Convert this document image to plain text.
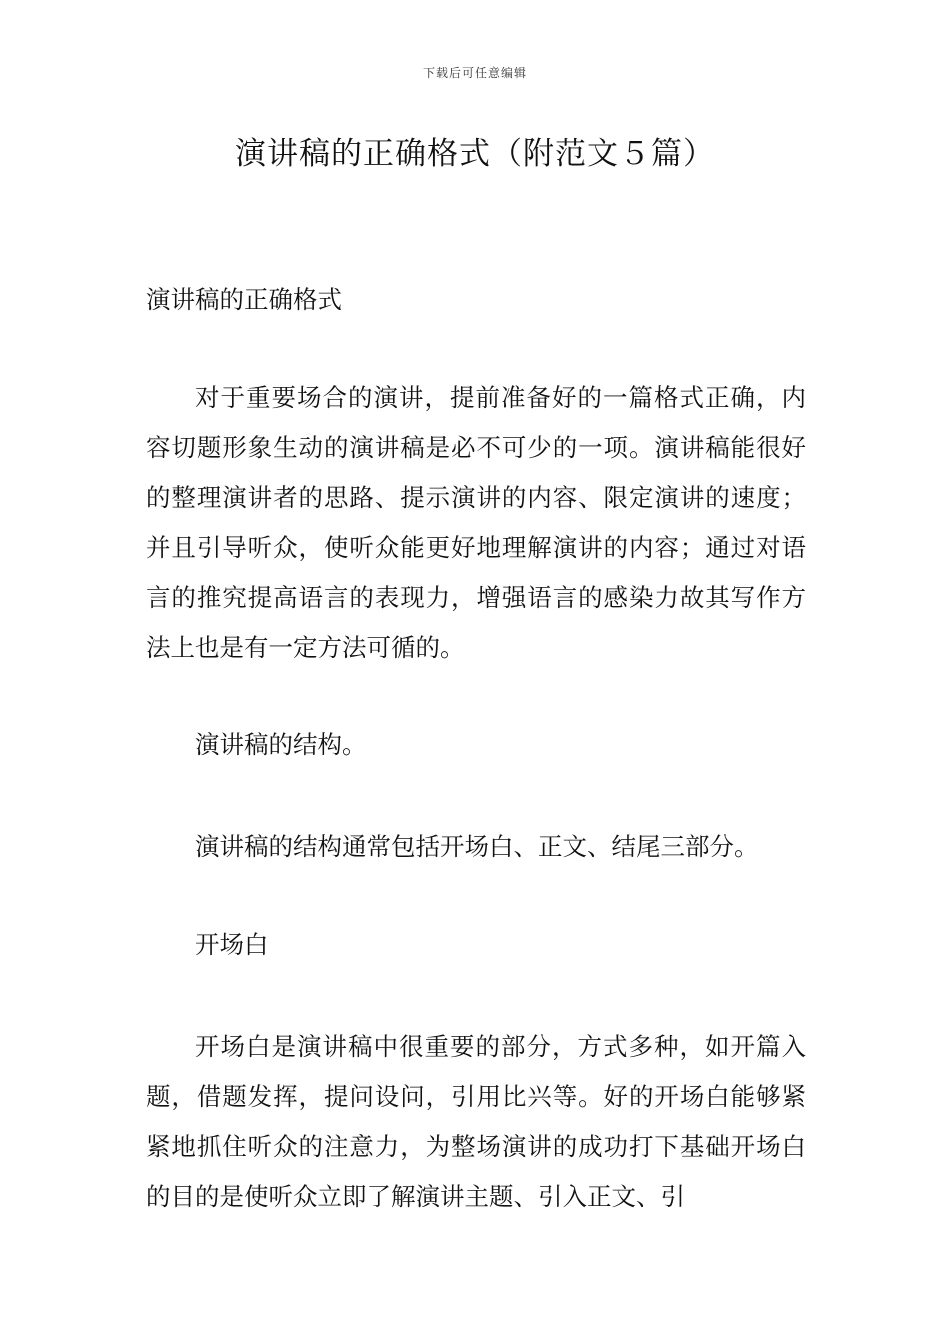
下载后可任意编辑
演讲稿的正确格式（附范文５篇）

演讲稿的正确格式

对于重要场合的演讲，提前准备好的一篇格式正确，内容切题形象生动的演讲稿是必不可少的一项。演讲稿能很好的整理演讲者的思路、提示演讲的内容、限定演讲的速度；并且引导听众，使听众能更好地理解演讲的内容；通过对语言的推究提高语言的表现力，增强语言的感染力故其写作方法上也是有一定方法可循的。

演讲稿的结构。

演讲稿的结构通常包括开场白、正文、结尾三部分。

开场白

开场白是演讲稿中很重要的部分，方式多种，如开篇入题，借题发挥，提问设问，引用比兴等。好的开场白能够紧紧地抓住听众的注意力，为整场演讲的成功打下基础开场白的目的是使听众立即了解演讲主题、引入正文、引
